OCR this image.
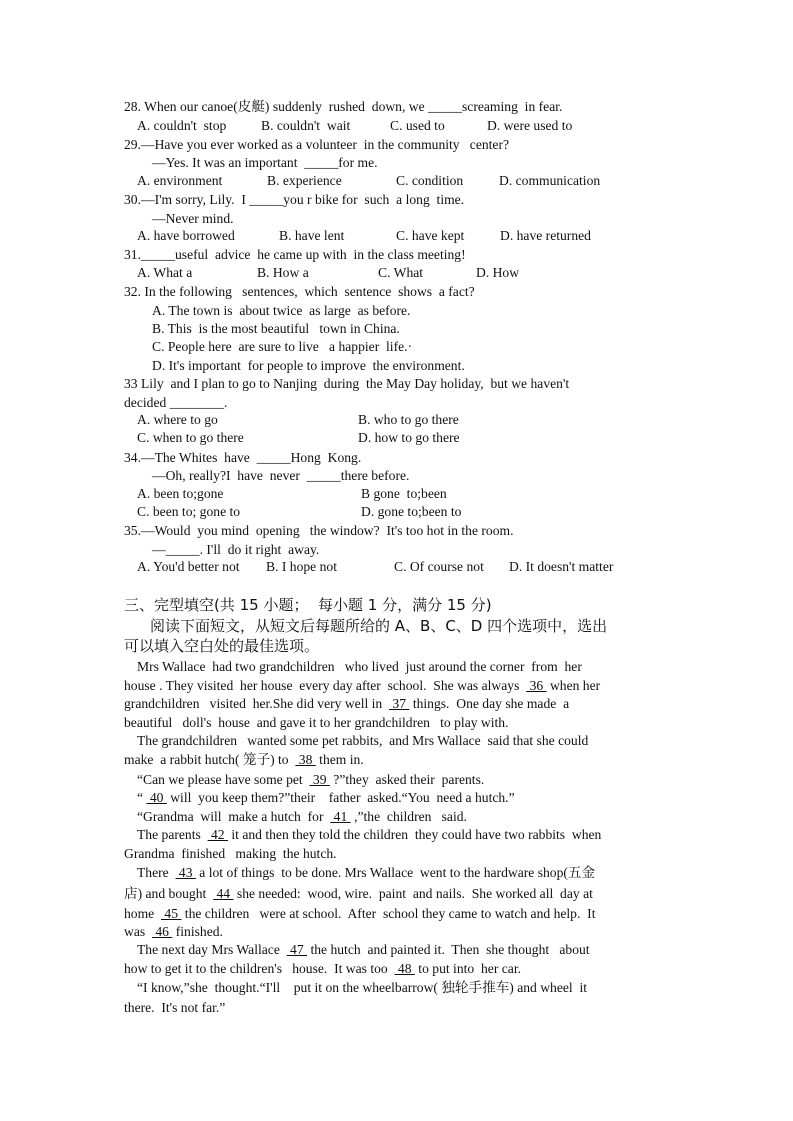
28. When our canoe(皮艇) suddenly  rushed  down, we _____screaming  in fear.
A. couldn't  stop	B. couldn't  wait	C. used to	D. were used to
29.—Have you ever worked as a volunteer  in the community   center?
—Yes. It was an important  _____for me.
A. environment	B. experience	C. condition	D. communication
30.—I'm sorry, Lily.  I _____you r bike for  such  a long  time.
—Never mind.
A. have borrowed	B. have lent	C. have kept	D. have returned
31._____useful  advice  he came up with  in the class meeting!
A. What a	B. How a	C. What	D. How
32. In the following   sentences,  which  sentence  shows  a fact?
A. The town is  about twice  as large  as before.
B. This  is the most beautiful   town in China.
C. People here  are sure to live   a happier  life.·
D. It's important  for people to improve  the environment.
33 Lily  and I plan to go to Nanjing  during  the May Day holiday,  but we haven't
decided ________.
A. where to go	B. who to go there
C. when to go there	D. how to go there
34.—The Whites  have  _____Hong  Kong.
—Oh, really?I  have  never  _____there before.
A. been to;gone	B gone  to;been
C. been to; gone to	D. gone to;been to
35.—Would  you mind  opening   the window?  It's too hot in the room.
—_____. I'll  do it right  away.
A. You'd better not B. I hope not	C. Of course not D. It doesn't matter
三、完型填空(共 15 小题；  每小题 1 分，满分 15 分)
阅读下面短文，从短文后每题所给的 A、B、C、D 四个选项中，选出
可以填入空白处的最佳选项。
Mrs Wallace  had two grandchildren   who lived  just around the corner  from  her
house . They visited  her house  every day after  school.  She was always   36  when her
grandchildren   visited  her.She did very well in   37  things.  One day she made  a
beautiful   doll's  house  and gave it to her grandchildren   to play with.
The grandchildren   wanted some pet rabbits,  and Mrs Wallace  said that she could
make  a rabbit hutch( 笼子) to   38  them in.
“Can we please have some pet   39  ?”they  asked their  parents.
“  40  will  you keep them?”their    father  asked.“You  need a hutch.”
“Grandma  will  make a hutch  for   41  ,”the  children   said.
The parents   42  it and then they told the children  they could have two rabbits  when
Grandma  finished   making  the hutch.
There   43  a lot of things  to be done. Mrs Wallace  went to the hardware shop(五金
店) and bought   44  she needed:  wood, wire.  paint  and nails.  She worked all  day at
home   45  the children   were at school.  After  school they came to watch and help.  It
was   46  finished.
The next day Mrs Wallace   47  the hutch  and painted it.  Then  she thought   about
how to get it to the children's   house.  It was too   48  to put into  her car.
“I know,”she  thought.“I'll    put it on the wheelbarrow( 独轮手推车) and wheel  it
there.  It's not far.”
